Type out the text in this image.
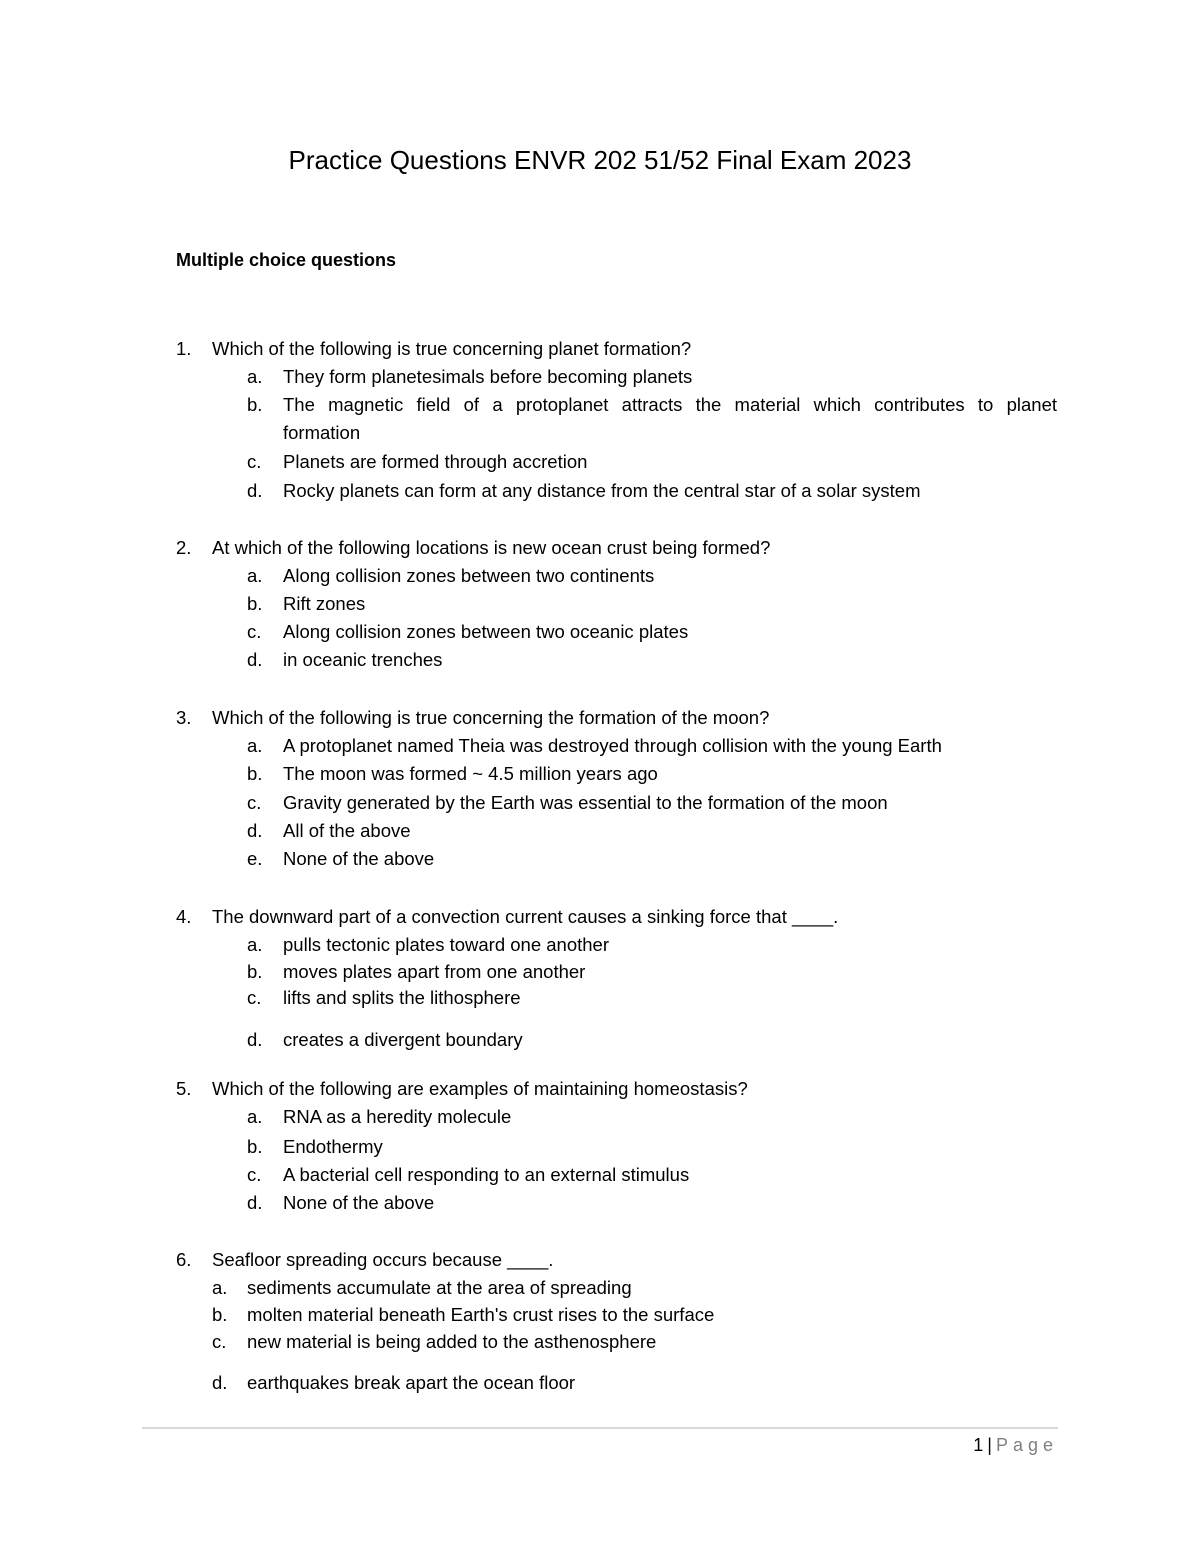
Practice Questions ENVR 202 51/52 Final Exam 2023
Multiple choice questions
1.	Which of the following is true concerning planet formation?
a.	They form planetesimals before becoming planets
b.	The magnetic field of a protoplanet attracts the material which contributes to planet
formation
c.	Planets are formed through accretion
d.	Rocky planets can form at any distance from the central star of a solar system
2.	At which of the following locations is new ocean crust being formed?
a.	Along collision zones between two continents
b.	Rift zones
c.	Along collision zones between two oceanic plates
d.	in oceanic trenches
3.	Which of the following is true concerning the formation of the moon?
a.	A protoplanet named Theia was destroyed through collision with the young Earth
b.	The moon was formed ~ 4.5 million years ago
c.	Gravity generated by the Earth was essential to the formation of the moon
d.	All of the above
e.	None of the above
4.	The downward part of a convection current causes a sinking force that ____.
a.	pulls tectonic plates toward one another
b.	moves plates apart from one another
c.	lifts and splits the lithosphere
d.	creates a divergent boundary
5.	Which of the following are examples of maintaining homeostasis?
a.	RNA as a heredity molecule
b.	Endothermy
c.	A bacterial cell responding to an external stimulus
d.	None of the above
6.	Seafloor spreading occurs because ____.
a.	sediments accumulate at the area of spreading
b.	molten material beneath Earth's crust rises to the surface
c.	new material is being added to the asthenosphere
d.	earthquakes break apart the ocean floor
1 | Page
